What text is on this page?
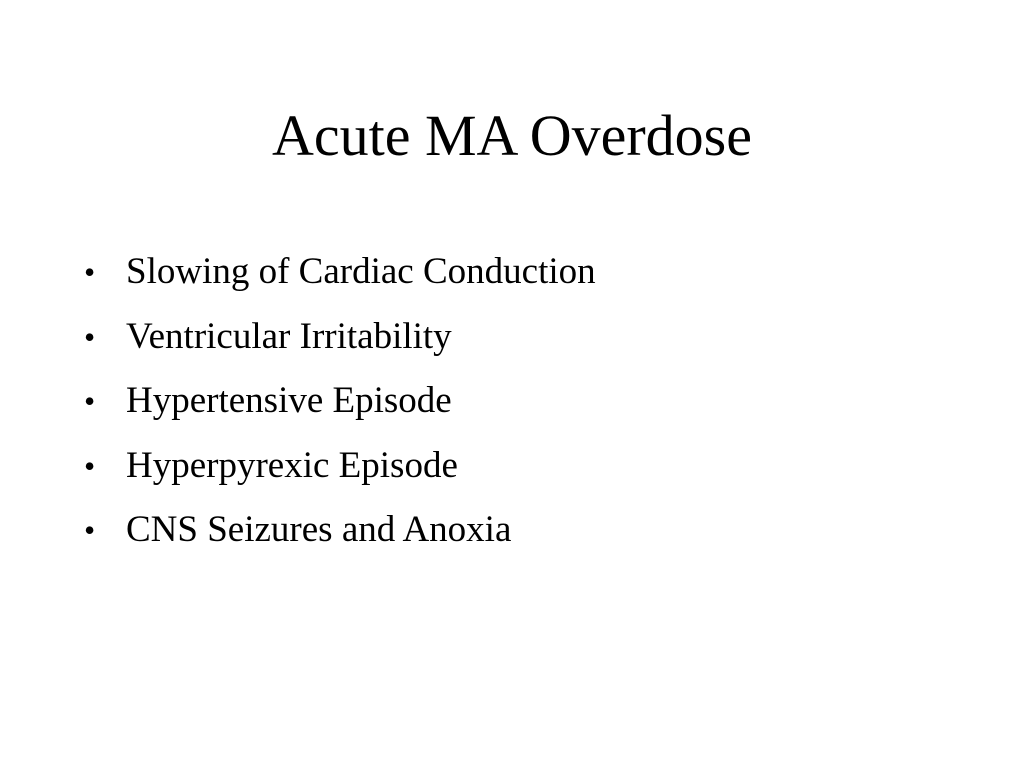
Acute MA Overdose
• Slowing of Cardiac Conduction
• Ventricular Irritability
• Hypertensive Episode
• Hyperpyrexic Episode
• CNS Seizures and Anoxia
